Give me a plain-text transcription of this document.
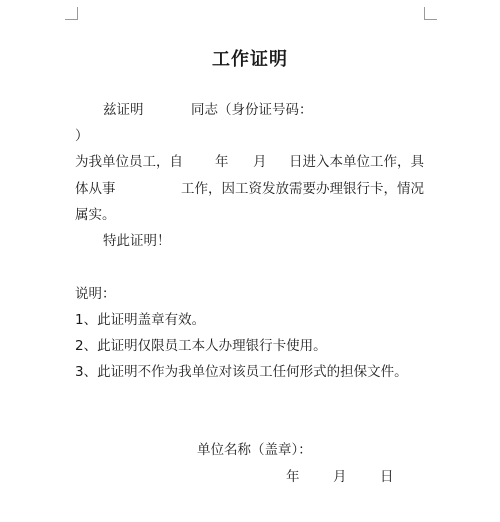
工作证明
兹证明	同志（身份证号码：
）
为我单位员工，自 年 月 日进入本单位工作，具
体从事	工作，因工资发放需要办理银行卡，情况
属实。
特此证明！
说明：
1、此证明盖章有效。
2、此证明仅限员工本人办理银行卡使用。
3、此证明不作为我单位对该员工任何形式的担保文件。
单位名称（盖章）：
年 月 日
